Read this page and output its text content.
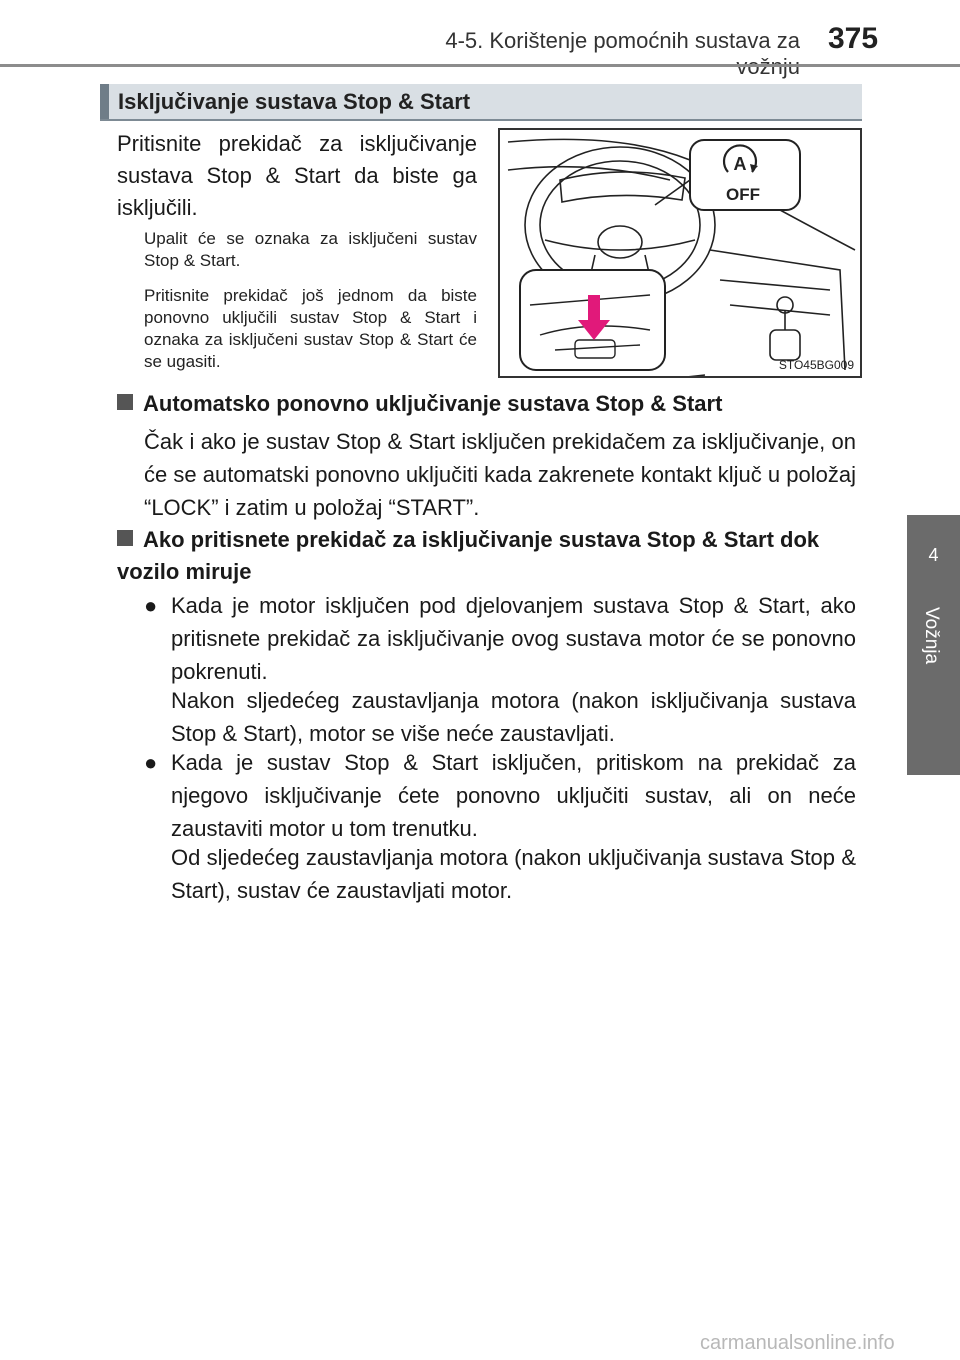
4-5. Korištenje pomoćnih sustava za 375
4
Vožnja
Isključivanje sustava Stop & Start
Pritisnite prekidač za isključivanje sustava Stop & Start da biste ga isključili.
Upalit će se oznaka za isključeni sustav Stop & Start.
Pritisnite prekidač još jednom da biste ponovno uključili sustav Stop & Start i oznaka za isključeni sustav Stop & Start će se ugasiti.
A
OFF
STO45BG009
Automatsko ponovno uključivanje sustava Stop & Start
Čak i ako je sustav Stop & Start isključen prekidačem za isključivanje, on će se automatski ponovno uključiti kada zakrenete kontakt ključ u položaj “LOCK” i zatim u položaj “START”.
Ako pritisnete prekidač za isključivanje sustava Stop & Start dok vozilo miruje
● Kada je motor isključen pod djelovanjem sustava Stop & Start, ako pritisnete prekidač za isključivanje ovog sustava motor će se ponovno pokrenuti.
Nakon sljedećeg zaustavljanja motora (nakon isključivanja sustava Stop & Start), motor se više neće zaustavljati.
● Kada je sustav Stop & Start isključen, pritiskom na prekidač za njegovo isključivanje ćete ponovno uključiti sustav, ali on neće zaustaviti motor u tom trenutku.
Od sljedećeg zaustavljanja motora (nakon uključivanja sustava Stop & Start), sustav će zaustavljati motor.
carmanualsonline.info
